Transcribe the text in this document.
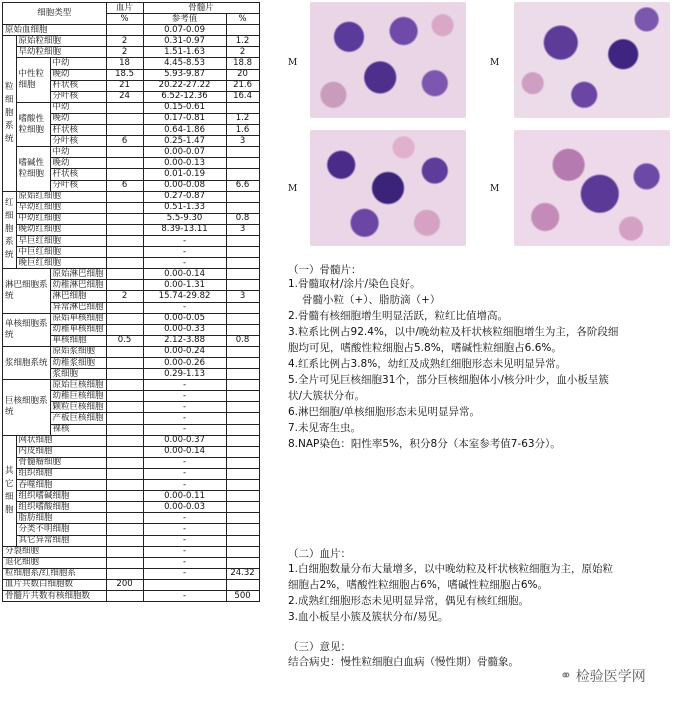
细胞类型			血片	骨髓片	
			%	参考值	%
原始血细胞				0.07-0.09	
粒细胞系统	原始粒细胞		2	0.31-0.97	1.2
	早幼粒细胞		2	1.51-1.63	2
	中性粒细胞	中幼	18	4.45-8.53	18.8
		晚幼	18.5	5.93-9.87	20
		杆状核	21	20.22-27.22	21.6
		分叶核	24	6.52-12.36	16.4
	嗜酸性粒细胞	中幼		0.15-0.61	
		晚幼		0.17-0.81	1.2
		杆状核		0.64-1.86	1.6
		分叶核	6	0.25-1.47	3
	嗜碱性粒细胞	中幼		0.00-0.07	
		晚幼		0.00-0.13	
		杆状核		0.01-0.19	
		分叶核	6	0.00-0.08	6.6
红细胞系统	原始红细胞			0.27-0.87	
	早幼红细胞			0.51-1.33	
	中幼红细胞			5.5-9.30	0.8
	晚幼红细胞			8.39-13.11	3
	早巨红细胞			-	
	中巨红细胞			-	
	晚巨红细胞			-	
淋巴细胞系统		原始淋巴细胞		0.00-0.14	
		幼稚淋巴细胞		0.00-1.31	
		淋巴细胞	2	15.74-29.82	3
		异常淋巴细胞		-	
单核细胞系统		原始单核细胞		0.00-0.05	
		幼稚单核细胞		0.00-0.33	
		单核细胞	0.5	2.12-3.88	0.8
浆细胞系统		原始浆细胞		0.00-0.24	
		幼稚浆细胞		0.00-0.26	
		浆细胞		0.29-1.13	
巨核细胞系统		原始巨核细胞		-	
		幼稚巨核细胞		-	
		颗粒巨核细胞		-	
		产板巨核细胞		-	
		裸核		-	
其它细胞	网状细胞			0.00-0.37	
	内皮细胞			0.00-0.14	
	骨髓瘤细胞			-	
	组织细胞			-	
	吞噬细胞			-	
	组织嗜碱细胞			0.00-0.11	
	组织嗜酸细胞			0.00-0.03	
	脂肪细胞			-	
	分类不明细胞			-	
	其它异常细胞			-	
分裂细胞				-	
退化细胞				-	
粒细胞系/红细胞系				-	24.32
血片共数白细胞数			200		
骨髓片共数有核细胞数				-	500
M	M
M	M
（一）骨髓片：
1.骨髓取材/涂片/染色良好。
骨髓小粒（+）、脂肪滴（+）
2.骨髓有核细胞增生明显活跃，粒红比值增高。
3.粒系比例占92.4%，以中/晚幼粒及杆状核粒细胞增生为主，各阶段细
胞均可见，嗜酸性粒细胞占5.8%，嗜碱性粒细胞占6.6%。
4.红系比例占3.8%，幼红及成熟红细胞形态未见明显异常。
5.全片可见巨核细胞31个，部分巨核细胞体小/核分叶少，血小板呈簇
状/大簇状分布。
6.淋巴细胞/单核细胞形态未见明显异常。
7.未见寄生虫。
8.NAP染色：阳性率5%，积分8分（本室参考值7-63分）。
（二）血片：
1.白细胞数量分布大量增多，以中晚幼粒及杆状核粒细胞为主，原始粒
细胞占2%，嗜酸性粒细胞占6%，嗜碱性粒细胞占6%。
2.成熟红细胞形态未见明显异常，偶见有核红细胞。
3.血小板呈小簇及簇状分布/易见。
（三）意见：
结合病史：慢性粒细胞白血病（慢性期）骨髓象。
⚭ 检验医学网
